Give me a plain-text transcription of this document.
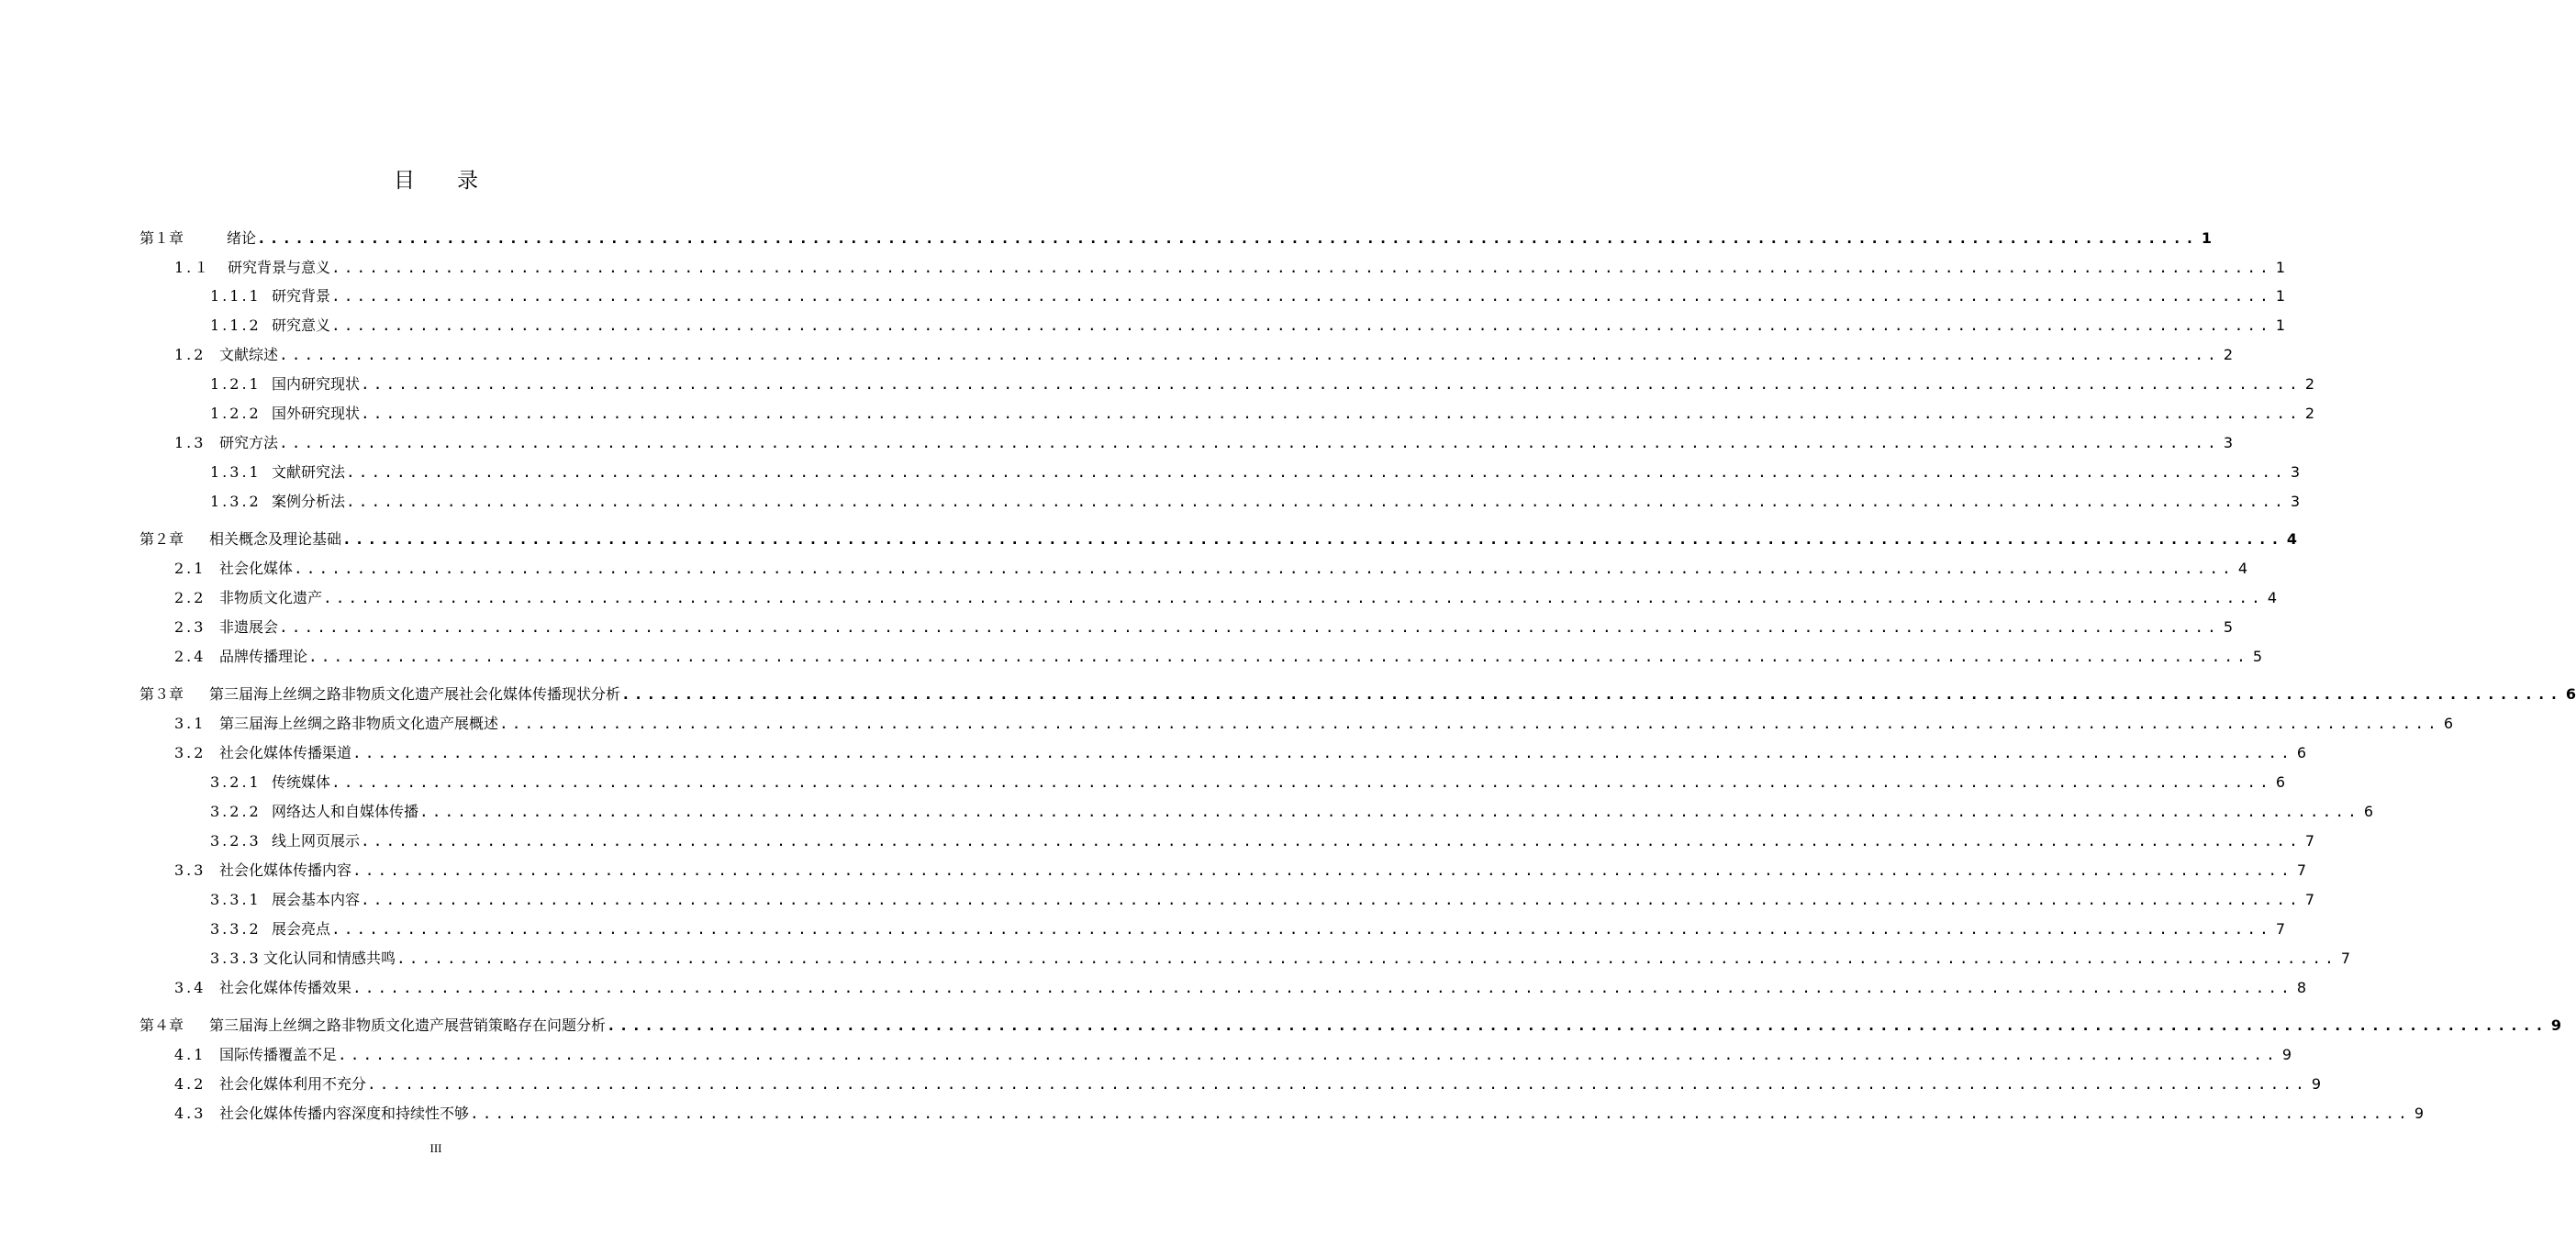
目 录
第１章	绪论 .......................................................................................................................................................... 1
1.１	研究背景与意义 .......................................................................................................................................................... 1
1.1.1 研究背景 .......................................................................................................................................................... 1
1.1.2 研究意义 .......................................................................................................................................................... 1
1.2 文献综述 .......................................................................................................................................................... 2
1.2.1 国内研究现状 .......................................................................................................................................................... 2
1.2.2 国外研究现状 .......................................................................................................................................................... 2
1.3 研究方法 .......................................................................................................................................................... 3
1.3.1 文献研究法 .......................................................................................................................................................... 3
1.3.2 案例分析法 .......................................................................................................................................................... 3
第２章	相关概念及理论基础 .......................................................................................................................................................... 4
2.1 社会化媒体 .......................................................................................................................................................... 4
2.2 非物质文化遗产 .......................................................................................................................................................... 4
2.3 非遗展会 .......................................................................................................................................................... 5
2.4 品牌传播理论 .......................................................................................................................................................... 5
第３章	第三届海上丝绸之路非物质文化遗产展社会化媒体传播现状分析 .......................................................................................................................................................... 6
3.1 第三届海上丝绸之路非物质文化遗产展概述 .......................................................................................................................................................... 6
3.2 社会化媒体传播渠道 .......................................................................................................................................................... 6
3.2.1 传统媒体 .......................................................................................................................................................... 6
3.2.2 网络达人和自媒体传播 .......................................................................................................................................................... 6
3.2.3 线上网页展示 .......................................................................................................................................................... 7
3.3 社会化媒体传播内容 .......................................................................................................................................................... 7
3.3.1 展会基本内容 .......................................................................................................................................................... 7
3.3.2 展会亮点 .......................................................................................................................................................... 7
3.3.3 文化认同和情感共鸣 .......................................................................................................................................................... 7
3.4 社会化媒体传播效果 .......................................................................................................................................................... 8
第４章	第三届海上丝绸之路非物质文化遗产展营销策略存在问题分析 .......................................................................................................................................................... 9
4.1 国际传播覆盖不足 .......................................................................................................................................................... 9
4.2 社会化媒体利用不充分 .......................................................................................................................................................... 9
4.3 社会化媒体传播内容深度和持续性不够 .......................................................................................................................................................... 9
III
